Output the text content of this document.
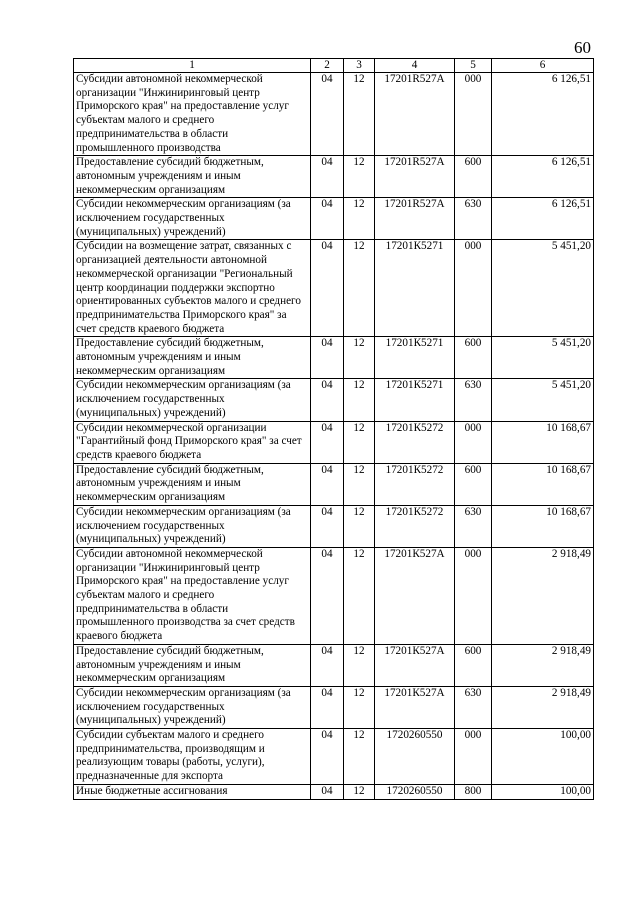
60
1	2	3	4	5	6
Субсидии автономной некоммерческой организации "Инжиниринговый центр Приморского края" на предоставление услуг субъектам малого и среднего предпринимательства в области промышленного производства	04	12	17201R527A	000	6 126,51
Предоставление субсидий бюджетным, автономным учреждениям и иным некоммерческим организациям	04	12	17201R527A	600	6 126,51
Субсидии некоммерческим организациям (за исключением государственных (муниципальных) учреждений)	04	12	17201R527A	630	6 126,51
Субсидии на возмещение затрат, связанных с организацией деятельности автономной некоммерческой организации "Региональный центр координации поддержки экспортно ориентированных субъектов малого и среднего предпринимательства Приморского края" за счет средств краевого бюджета	04	12	17201К5271	000	5 451,20
Предоставление субсидий бюджетным, автономным учреждениям и иным некоммерческим организациям	04	12	17201К5271	600	5 451,20
Субсидии некоммерческим организациям (за исключением государственных (муниципальных) учреждений)	04	12	17201К5271	630	5 451,20
Субсидии некоммерческой организации "Гарантийный фонд Приморского края" за счет средств краевого бюджета	04	12	17201К5272	000	10 168,67
Предоставление субсидий бюджетным, автономным учреждениям и иным некоммерческим организациям	04	12	17201К5272	600	10 168,67
Субсидии некоммерческим организациям (за исключением государственных (муниципальных) учреждений)	04	12	17201К5272	630	10 168,67
Субсидии автономной некоммерческой организации "Инжиниринговый центр Приморского края" на предоставление услуг субъектам малого и среднего предпринимательства в области промышленного производства за счет средств краевого бюджета	04	12	17201К527А	000	2 918,49
Предоставление субсидий бюджетным, автономным учреждениям и иным некоммерческим организациям	04	12	17201К527А	600	2 918,49
Субсидии некоммерческим организациям (за исключением государственных (муниципальных) учреждений)	04	12	17201К527А	630	2 918,49
Субсидии субъектам малого и среднего предпринимательства, производящим и реализующим товары (работы, услуги), предназначенные для экспорта	04	12	1720260550	000	100,00
Иные бюджетные ассигнования	04	12	1720260550	800	100,00
